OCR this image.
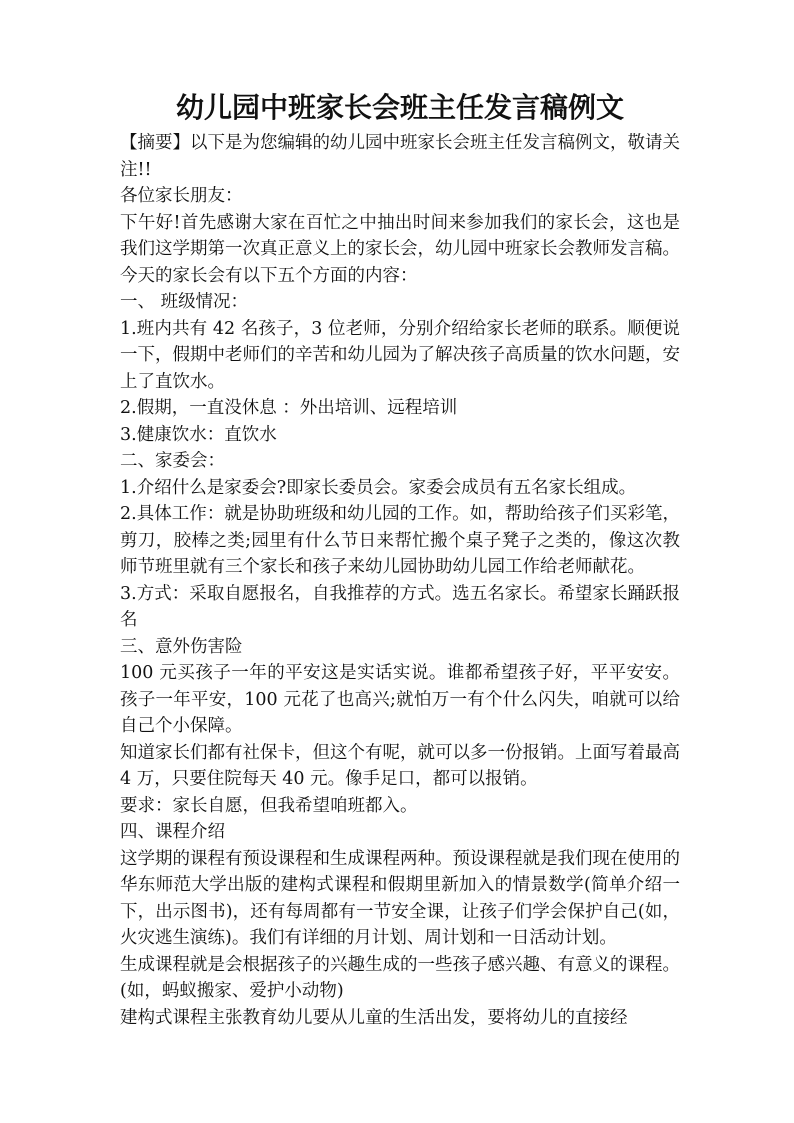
幼儿园中班家长会班主任发言稿例文

【摘要】以下是为您编辑的幼儿园中班家长会班主任发言稿例文，敬请关注!!

各位家长朋友：

下午好!首先感谢大家在百忙之中抽出时间来参加我们的家长会，这也是我们这学期第一次真正意义上的家长会，幼儿园中班家长会教师发言稿。

今天的家长会有以下五个方面的内容：

一、 班级情况：

1.班内共有 42 名孩子，3 位老师，分别介绍给家长老师的联系。顺便说一下，假期中老师们的辛苦和幼儿园为了解决孩子高质量的饮水问题，安上了直饮水。

2.假期，一直没休息 ：外出培训、远程培训

3.健康饮水：直饮水

二、家委会：

1.介绍什么是家委会?即家长委员会。家委会成员有五名家长组成。

2.具体工作：就是协助班级和幼儿园的工作。如，帮助给孩子们买彩笔，剪刀，胶棒之类;园里有什么节日来帮忙搬个桌子凳子之类的，像这次教师节班里就有三个家长和孩子来幼儿园协助幼儿园工作给老师献花。

3.方式：采取自愿报名，自我推荐的方式。选五名家长。希望家长踊跃报名

三、意外伤害险

100 元买孩子一年的平安这是实话实说。谁都希望孩子好，平平安安。孩子一年平安，100 元花了也高兴;就怕万一有个什么闪失，咱就可以给自己个小保障。

知道家长们都有社保卡，但这个有呢，就可以多一份报销。上面写着最高 4 万，只要住院每天 40 元。像手足口，都可以报销。

要求：家长自愿，但我希望咱班都入。

四、课程介绍

这学期的课程有预设课程和生成课程两种。预设课程就是我们现在使用的华东师范大学出版的建构式课程和假期里新加入的情景数学(简单介绍一下，出示图书)，还有每周都有一节安全课，让孩子们学会保护自己(如，火灾逃生演练)。我们有详细的月计划、周计划和一日活动计划。

生成课程就是会根据孩子的兴趣生成的一些孩子感兴趣、有意义的课程。(如，蚂蚁搬家、爱护小动物)

建构式课程主张教育幼儿要从儿童的生活出发，要将幼儿的直接经
